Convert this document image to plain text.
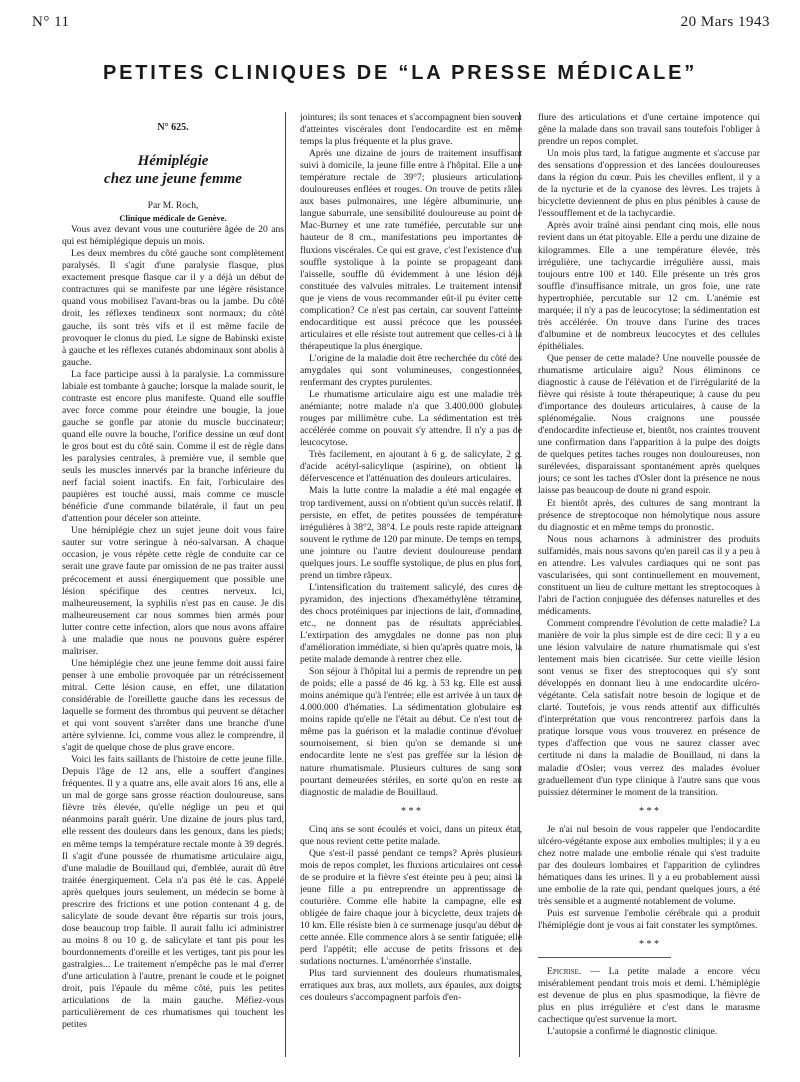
N° 11	20 Mars 1943
PETITES CLINIQUES DE “LA PRESSE MÉDICALE”
N° 625.
Hémiplégie
chez une jeune femme

Par M. Roch,

Clinique médicale de Genève.

Vous avez devant vous une couturière âgée de 20 ans qui est hémiplégique depuis un mois.

Les deux membres du côté gauche sont complètement paralysés. Il s'agit d'une paralysie flasque, plus exactement presque flasque car il y a déjà un début de contractures qui se manifeste par une légère résistance quand vous mobilisez l'avant-bras ou la jambe. Du côté droit, les réflexes tendineux sont normaux; du côté gauche, ils sont très vifs et il est même facile de provoquer le clonus du pied. Le signe de Babinski existe à gauche et les réflexes cutanés abdominaux sont abolis à gauche.

La face participe aussi à la paralysie. La commissure labiale est tombante à gauche; lorsque la malade sourit, le contraste est encore plus manifeste. Quand elle souffle avec force comme pour éteindre une bougie, la joue gauche se gonfle par atonie du muscle buccinateur; quand elle ouvre la bouche, l'orifice dessine un œuf dont le gros bout est du côté sain. Comme il est de règle dans les paralysies centrales, à première vue, il semble que seuls les muscles innervés par la branche inférieure du nerf facial soient inactifs. En fait, l'orbiculaire des paupières est touché aussi, mais comme ce muscle bénéficie d'une commande bilatérale, il faut un peu d'attention pour déceler son atteinte.

Une hémiplégie chez un sujet jeune doit vous faire sauter sur votre seringue à néo-salvarsan. A chaque occasion, je vous répète cette règle de conduite car ce serait une grave faute par omission de ne pas traiter aussi précocement et aussi énergiquement que possible une lésion spécifique des centres nerveux. Ici, malheureusement, la syphilis n'est pas en cause. Je dis malheureusement car nous sommes bien armés pour lutter contre cette infection, alors que nous avons affaire à une maladie que nous ne pouvons guère espérer maîtriser.

Une hémiplégie chez une jeune femme doit aussi faire penser à une embolie provoquée par un rétrécissement mitral. Cette lésion cause, en effet, une dilatation considérable de l'oreillette gauche dans les recessus de laquelle se forment des thrombus qui peuvent se détacher et qui vont souvent s'arrêter dans une branche d'une artère sylvienne. Ici, comme vous allez le comprendre, il s'agit de quelque chose de plus grave encore.

Voici les faits saillants de l'histoire de cette jeune fille. Depuis l'âge de 12 ans, elle a souffert d'angines fréquentes. Il y a quatre ans, elle avait alors 16 ans, elle a un mal de gorge sans grosse réaction douloureuse, sans fièvre très élevée, qu'elle néglige un peu et qui néanmoins paraît guérir. Une dizaine de jours plus tard, elle ressent des douleurs dans les genoux, dans les pieds; en même temps la température rectale monte à 39 degrés. Il s'agit d'une poussée de rhumatisme articulaire aigu, d'une maladie de Bouillaud qui, d'emblée, aurait dû être traitée énergiquement. Cela n'a pas été le cas. Appelé après quelques jours seulement, un médecin se borne à prescrire des frictions et une potion contenant 4 g. de salicylate de soude devant être répartis sur trois jours, dose beaucoup trop faible. Il aurait fallu ici administrer au moins 8 ou 10 g. de salicylate et tant pis pour les bourdonnements d'oreille et les vertiges, tant pis pour les gastralgies... Le traitement n'empêche pas le mal d'errer d'une articulation à l'autre, prenant le coude et le poignet droit, puis l'épaule du même côté, puis les petites articulations de la main gauche. Méfiez-vous particulièrement de ces rhumatismes qui touchent les petites

jointures; ils sont tenaces et s'accompagnent bien souvent d'atteintes viscérales dont l'endocardite est en même temps la plus fréquente et la plus grave.

Après une dizaine de jours de traitement insuffisant suivi à domicile, la jeune fille entre à l'hôpital. Elle a une température rectale de 39°7; plusieurs articulations douloureuses enflées et rouges. On trouve de petits râles aux bases pulmonaires, une légère albuminurie, une langue saburrale, une sensibilité douloureuse au point de Mac-Burney et une rate tuméfiée, percutable sur une hauteur de 8 cm., manifestations peu importantes de fluxions viscérales. Ce qui est grave, c'est l'existence d'un souffle systolique à la pointe se propageant dans l'aisselle, souffle dû évidemment à une lésion déjà constituée des valvules mitrales. Le traitement intensif que je viens de vous recommander eût-il pu éviter cette complication? Ce n'est pas certain, car souvent l'atteinte endocarditique est aussi précoce que les poussées articulaires et elle résiste tout autrement que celles-ci à la thérapeutique la plus énergique.

L'origine de la maladie doit être recherchée du côté des amygdales qui sont volumineuses, congestionnées, renfermant des cryptes purulentes.

Le rhumatisme articulaire aigu est une maladie très anémiante; notre malade n'a que 3.400.000 globules rouges par millimètre cube. La sédimentation est très accélérée comme on pouvait s'y attendre. Il n'y a pas de leucocytose.

Très facilement, en ajoutant à 6 g. de salicylate, 2 g. d'acide acétyl-salicylique (aspirine), on obtient la défervescence et l'atténuation des douleurs articulaires.

Mais la lutte contre la maladie a été mal engagée et trop tardivement, aussi on n'obtient qu'un succès relatif. Il persiste, en effet, de petites poussées de température irrégulières à 38°2, 38°4. Le pouls reste rapide atteignant souvent le rythme de 120 par minute. De temps en temps, une jointure ou l'autre devient douloureuse pendant quelques jours. Le souffle systolique, de plus en plus fort, prend un timbre râpeux.

L'intensification du traitement salicylé, des cures de pyramidon, des injections d'hexaméthylène tétramine, des chocs protéiniques par injections de lait, d'omnadine, etc., ne donnent pas de résultats appréciables. L'extirpation des amygdales ne donne pas non plus d'amélioration immédiate, si bien qu'après quatre mois, la petite malade demande à rentrer chez elle.

Son séjour à l'hôpital lui a permis de reprendre un peu de poids; elle a passé de 46 kg. à 53 kg. Elle est aussi moins anémique qu'à l'entrée; elle est arrivée à un taux de 4.000.000 d'hématies. La sédimentation globulaire est moins rapide qu'elle ne l'était au début. Ce n'est tout de même pas la guérison et la maladie continue d'évoluer sournoisement, si bien qu'on se demande si une endocardite lente ne s'est pas greffée sur la lésion de nature rhumatismale. Plusieurs cultures de sang sont pourtant demeurées stériles, en sorte qu'on en reste au diagnostic de maladie de Bouillaud.

* * *

Cinq ans se sont écoulés et voici, dans un piteux état, que nous revient cette petite malade.

Que s'est-il passé pendant ce temps? Après plusieurs mois de repos complet, les fluxions articulaires ont cessé de se produire et la fièvre s'est éteinte peu à peu; ainsi la jeune fille a pu entreprendre un apprentissage de couturière. Comme elle habite la campagne, elle est obligée de faire chaque jour à bicyclette, deux trajets de 10 km. Elle résiste bien à ce surmenage jusqu'au début de cette année. Elle commence alors à se sentir fatiguée; elle perd l'appétit; elle accuse de petits frissons et des sudations nocturnes. L'aménorrhée s'installe.

Plus tard surviennent des douleurs rhumatismales, erratiques aux bras, aux mollets, aux épaules, aux doigts; ces douleurs s'accompagnent parfois d'en-

flure des articulations et d'une certaine impotence qui gêne la malade dans son travail sans toutefois l'obliger à prendre un repos complet.

Un mois plus tard, la fatigue augmente et s'accuse par des sensations d'oppression et des lancées douloureuses dans la région du cœur. Puis les chevilles enflent, il y a de la nycturie et de la cyanose des lèvres. Les trajets à bicyclette deviennent de plus en plus pénibles à cause de l'essoufflement et de la tachycardie.

Après avoir traîné ainsi pendant cinq mois, elle nous revient dans un état pitoyable. Elle a perdu une dizaine de kilogrammes. Elle a une température élevée, très irrégulière, une tachycardie irrégulière aussi, mais toujours entre 100 et 140. Elle présente un très gros souffle d'insuffisance mitrale, un gros foie, une rate hypertrophiée, percutable sur 12 cm. L'anémie est marquée; il n'y a pas de leucocytose; la sédimentation est très accélérée. On trouve dans l'urine des traces d'albumine et de nombreux leucocytes et des cellules épithéliales.

Que penser de cette malade? Une nouvelle poussée de rhumatisme articulaire aigu? Nous éliminons ce diagnostic à cause de l'élévation et de l'irrégularité de la fièvre qui résiste à toute thérapeutique; à cause du peu d'importance des douleurs articulaires, à cause de la splénomégalie. Nous craignons une poussée d'endocardite infectieuse et, bientôt, nos craintes trouvent une confirmation dans l'apparition à la pulpe des doigts de quelques petites taches rouges non douloureuses, non surélevées, disparaissant spontanément après quelques jours; ce sont les taches d'Osler dont la présence ne nous laisse pas beaucoup de doute ni grand espoir.

Et bientôt après, des cultures de sang montrant la présence de streptocoque non hémolytique nous assure du diagnostic et en même temps du pronostic.

Nous nous acharnons à administrer des produits sulfamidés, mais nous savons qu'en pareil cas il y a peu à en attendre. Les valvules cardiaques qui ne sont pas vascularisées, qui sont continuellement en mouvement, constituent un lieu de culture mettant les streptocoques à l'abri de l'action conjuguée des défenses naturelles et des médicaments.

Comment comprendre l'évolution de cette maladie? La manière de voir la plus simple est de dire ceci: Il y a eu une lésion valvulaire de nature rhumatismale qui s'est lentement mais bien cicatrisée. Sur cette vieille lésion sont venus se fixer des streptocoques qui s'y sont développés en donnant lieu à une endocardite ulcéro-végétante. Cela satisfait notre besoin de logique et de clarté. Toutefois, je vous rends attentif aux difficultés d'interprétation que vous rencontrerez parfois dans la pratique lorsque vous vous trouverez en présence de types d'affection que vous ne saurez classer avec certitude ni dans la maladie de Bouillaud, ni dans la maladie d'Osler; vous verrez des malades évoluer graduellement d'un type clinique à l'autre sans que vous puissiez déterminer le moment de la transition.

* * *

Je n'ai nul besoin de vous rappeler que l'endocardite ulcéro-végétante expose aux embolies multiples; il y a eu chez notre malade une embolie rénale qui s'est traduite par des douleurs lombaires et l'apparition de cylindres hématiques dans les urines. Il y a eu probablement aussi une embolie de la rate qui, pendant quelques jours, a été très sensible et a augmenté notablement de volume.

Puis est survenue l'embolie cérébrale qui a produit l'hémiplégie dont je vous ai fait constater les symptômes.

* * *

Epicrise. — La petite malade a encore vécu misérablement pendant trois mois et demi. L'hémiplégie est devenue de plus en plus spasmodique, la fièvre de plus en plus irrégulière et c'est dans le marasme cachectique qu'est survenue la mort.

L'autopsie a confirmé le diagnostic clinique.
